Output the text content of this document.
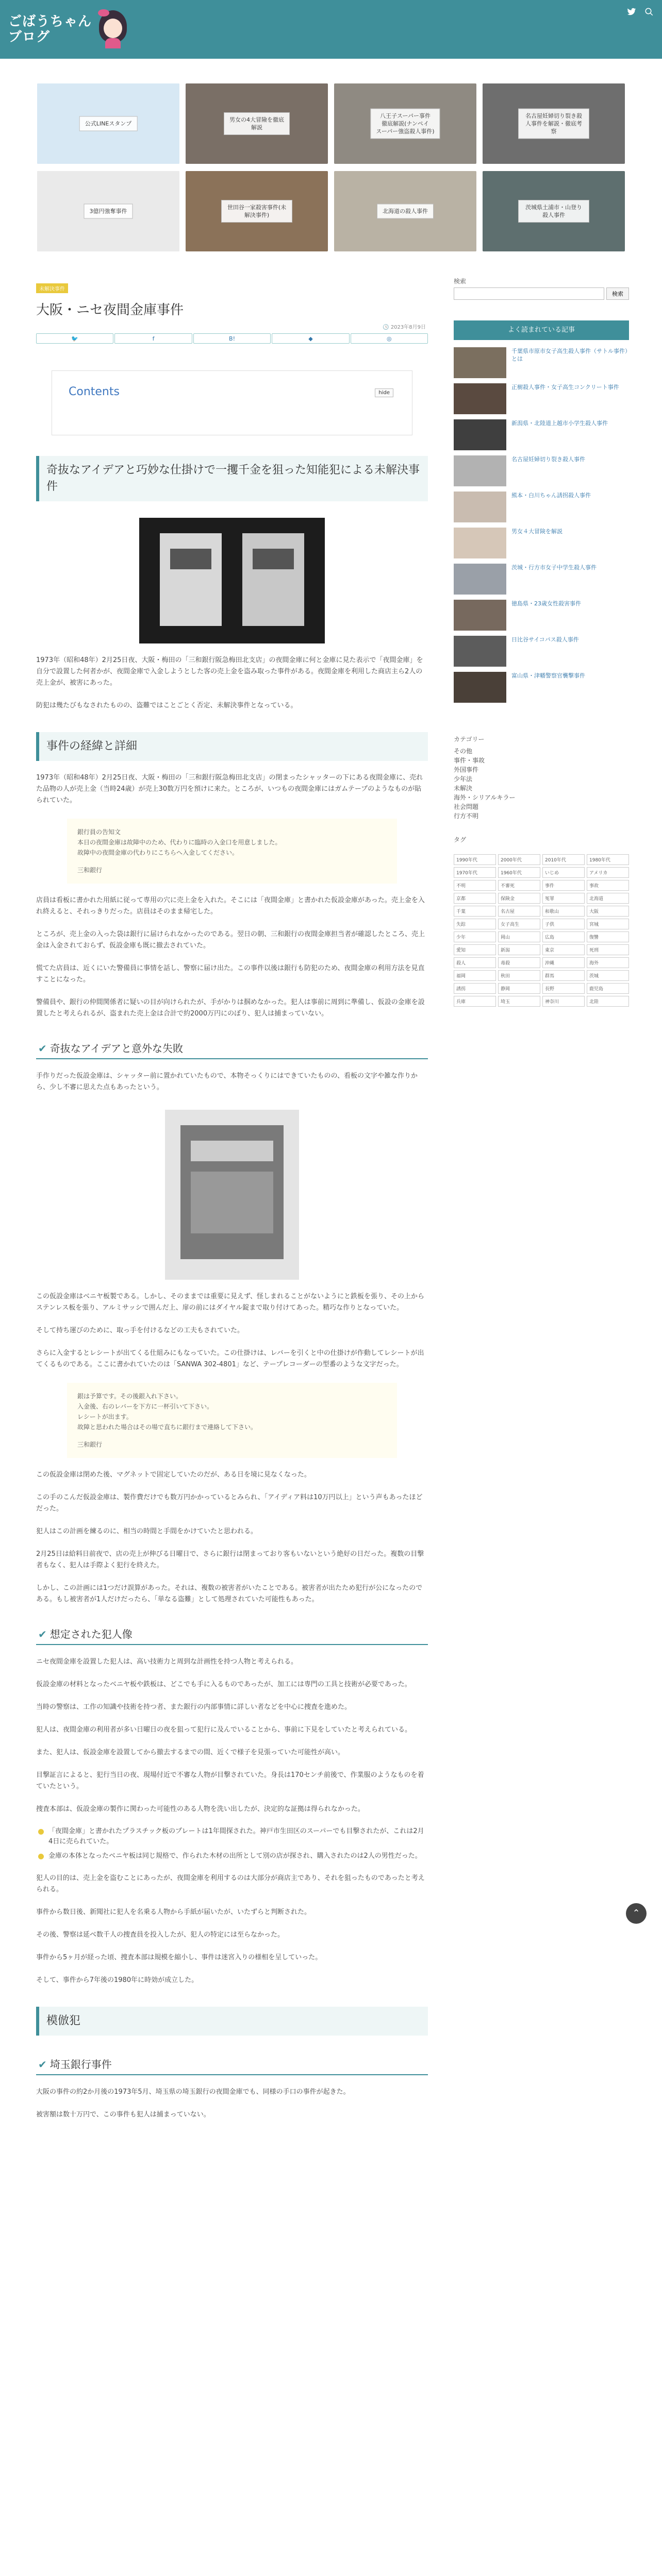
ごばうちゃん
ブログ
公式LINEスタンプ
男女の4大冒險を徹底
解説
八王子スーパー事件
徹底解説(ナンペイ
スーパー強盗殺人事件)
名古屋妊婦切り裂き殺人事件を解説・徹底考察
3億円強奪事件
世田谷一家殺害事件(未解決事件)
北海道の殺人事件
茨城県土浦市・山登り殺人事件
未解決事件
大阪・ニセ夜間金庫事件
🕓 2023年8月9日
🐦	f	B!	◆	◎
Contents	hide
奇抜なアイデアと巧妙な仕掛けで一攫千金を狙った知能犯による未解決事件

1973年（昭和48年）2月25日夜、大阪・梅田の「三和銀行阪急梅田北支店」の夜間金庫に何と金庫に見た表示で「夜間金庫」を自分で設置した何者かが、夜間金庫で入金しようとした客の売上金を盗み取った事件がある。夜間金庫を利用した商店主ら2人の売上金が、被害にあった。

防犯は幾たびもなされたものの、盗難ではことごとく否定、未解決事件となっている。

事件の経緯と詳細

1973年（昭和48年）2月25日夜、大阪・梅田の「三和銀行阪急梅田北支店」の閉まったシャッターの下にある夜間金庫に、売れた品物の人が売上金（当時24歳）が売上30数万円を預けに来た。ところが、いつもの夜間金庫にはガムテープのようなものが貼られていた。

銀行員の告知文
本日の夜間金庫は故障中のため、代わりに臨時の入金口を用意しました。
故障中の夜間金庫の代わりにこちらへ入金してください。
三和銀行

店員は看板に書かれた用紙に従って専用の穴に売上金を入れた。そこには「夜間金庫」と書かれた仮設金庫があった。売上金を入れ終えると、それっきりだった。店員はそのまま帰宅した。

ところが、売上金の入った袋は銀行に届けられなかったのである。翌日の朝、三和銀行の夜間金庫担当者が確認したところ、売上金は入金されておらず、仮設金庫も既に撤去されていた。

慌てた店員は、近くにいた警備員に事情を話し、警察に届け出た。この事件以後は銀行も防犯のため、夜間金庫の利用方法を見直すことになった。

警備員や、銀行の仲間関係者に疑いの目が向けられたが、手がかりは掴めなかった。犯人は事前に周到に準備し、仮設の金庫を設置したと考えられるが、盗まれた売上金は合計で約2000万円にのぼり、犯人は捕まっていない。

✔ 奇抜なアイデアと意外な失敗

手作りだった仮設金庫は、シャッター前に置かれていたもので、本物そっくりにはできていたものの、看板の文字や雑な作りから、少し不審に思えた点もあったという。

この仮設金庫はベニヤ板製である。しかし、そのままでは重要に見えず、怪しまれることがないようにと鉄板を張り、その上からステンレス板を張り、アルミサッシで囲んだ上、扉の前にはダイヤル錠まで取り付けてあった。精巧な作りとなっていた。

そして持ち運びのために、取っ手を付けるなどの工夫もされていた。

さらに入金するとレシートが出てくる仕組みにもなっていた。この仕掛けは、レバーを引くと中の仕掛けが作動してレシートが出てくるものである。ここに書かれていたのは「SANWA 302-4801」など、テープレコーダーの型番のような文字だった。

銀は予算です。その後銀入れ下さい。
入金後、右のレバーを下方に一杯引いて下さい。
レシートが出ます。
故障と思われた場合はその場で直ちに銀行まで連絡して下さい。
三和銀行

この仮設金庫は閉めた後、マグネットで固定していたのだが、ある日を境に見なくなった。

この手のこんだ仮設金庫は、製作費だけでも数万円かかっているとみられ、「アイディア料は10万円以上」という声もあったほどだった。

犯人はこの計画を練るのに、相当の時間と手間をかけていたと思われる。

2月25日は給料日前夜で、店の売上が伸びる日曜日で、さらに銀行は閉まっており客もいないという絶好の日だった。複数の目撃者もなく、犯人は手際よく犯行を終えた。

しかし、この計画には1つだけ誤算があった。それは、複数の被害者がいたことである。被害者が出たため犯行が公になったのである。もし被害者が1人だけだったら、「単なる盗難」として処理されていた可能性もあった。

✔ 想定された犯人像

ニセ夜間金庫を設置した犯人は、高い技術力と周到な計画性を持つ人物と考えられる。

仮設金庫の材料となったベニヤ板や鉄板は、どこでも手に入るものであったが、加工には専門の工具と技術が必要であった。

当時の警察は、工作の知識や技術を持つ者、また銀行の内部事情に詳しい者などを中心に捜査を進めた。

犯人は、夜間金庫の利用者が多い日曜日の夜を狙って犯行に及んでいることから、事前に下見をしていたと考えられている。

また、犯人は、仮設金庫を設置してから撤去するまでの間、近くで様子を見張っていた可能性が高い。

目撃証言によると、犯行当日の夜、現場付近で不審な人物が目撃されていた。身長は170センチ前後で、作業服のようなものを着ていたという。

捜査本部は、仮設金庫の製作に関わった可能性のある人物を洗い出したが、決定的な証拠は得られなかった。

「夜間金庫」と書かれたプラスチック板のプレートは1年間探された。神戸市生田区のスーパーでも目撃されたが、これは2月4日に売られていた。
金庫の本体となったベニヤ板は同じ規格で、作られた木材の出所として別の店が探され、購入されたのは2人の男性だった。

犯人の目的は、売上金を盗むことにあったが、夜間金庫を利用するのは大部分が商店主であり、それを狙ったものであったと考えられる。

事件から数日後、新聞社に犯人を名乗る人物から手紙が届いたが、いたずらと判断された。

その後、警察は延べ数千人の捜査員を投入したが、犯人の特定には至らなかった。

事件から5ヶ月が経った頃、捜査本部は規模を縮小し、事件は迷宮入りの様相を呈していった。

そして、事件から7年後の1980年に時効が成立した。

模倣犯
✔ 埼玉銀行事件

大阪の事件の約2か月後の1973年5月、埼玉県の埼玉銀行の夜間金庫でも、同様の手口の事件が起きた。

被害額は数十万円で、この事件も犯人は捕まっていない。

検索
検索
よく読まれている記事
千葉県市原市女子高生殺人事件（サトル事件）とは
正樹殺人事件・女子高生コンクリート事件
新潟県・北陸道上越市小学生殺人事件
名古屋妊婦切り裂き殺人事件
熊本・白川ちゃん誘拐殺人事件
男女４大冒険を解説
茨城・行方市女子中学生殺人事件
徳島県・23歳女性殺害事件
日比谷サイコパス殺人事件
富山県・津幡警察官襲撃事件
カテゴリー
その他
事件・事故
外国事件
少年法
未解決
海外・シリアルキラー
社会問題
行方不明
タグ
1990年代	2000年代	2010年代	1980年代
1970年代	1960年代	いじめ	アメリカ
不明	不審死	事件	事故
京都	保険金	冤罪	北海道
千葉	名古屋	和歌山	大阪
失踪	女子高生	子供	宮城
少年	岡山	広島	復讐
愛知	新潟	東京	死刑
殺人	毒殺	沖縄	海外
福岡	秋田	群馬	茨城
誘拐	静岡	長野	鹿児島
兵庫	埼玉	神奈川	北陸
⌃
